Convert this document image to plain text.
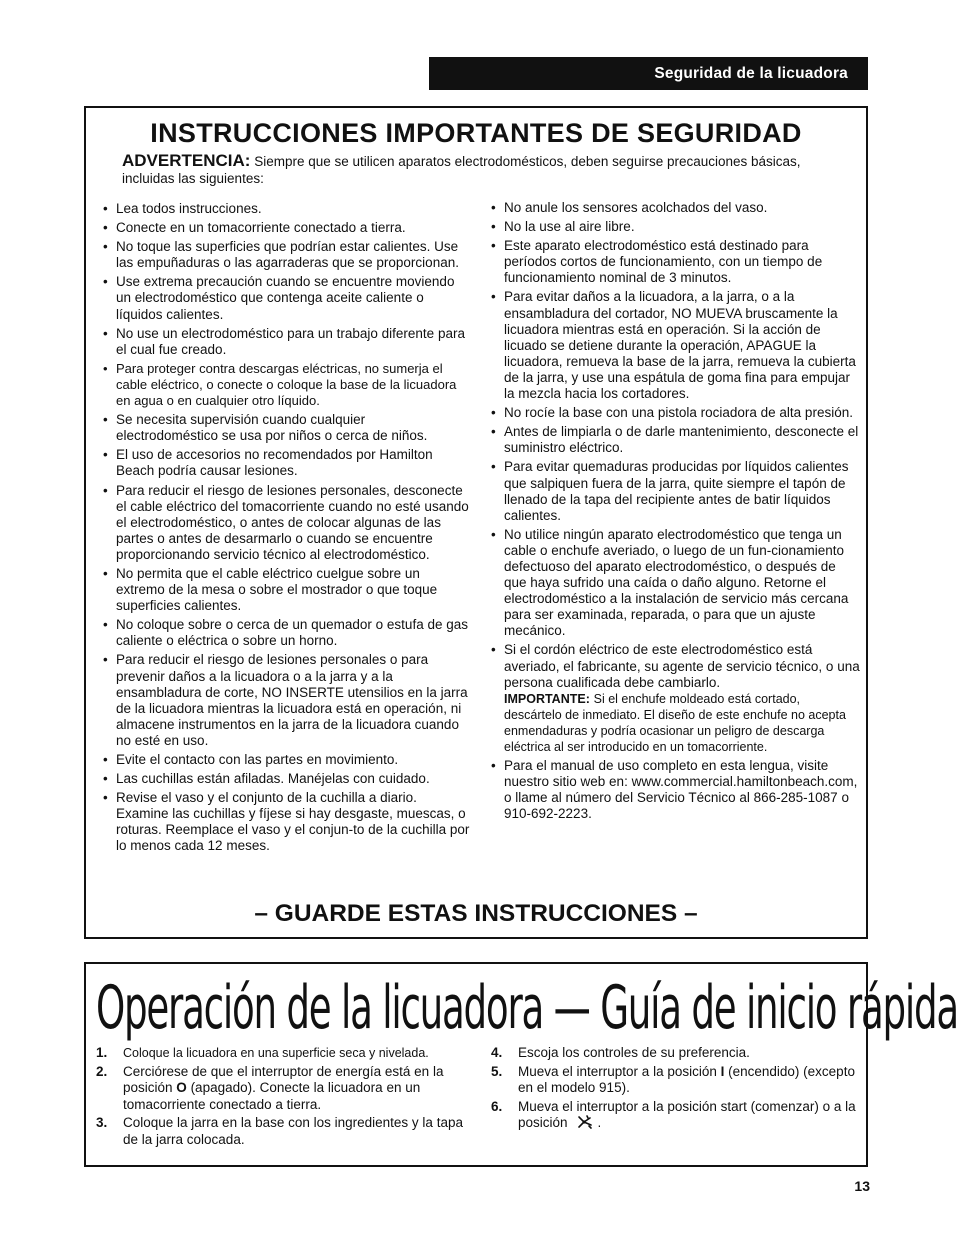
Seguridad de la licuadora
INSTRUCCIONES IMPORTANTES DE SEGURIDAD
ADVERTENCIA: Siempre que se utilicen aparatos electrodomésticos, deben seguirse precauciones básicas, incluidas las siguientes:
• Lea todos instrucciones.
• Conecte en un tomacorriente conectado a tierra.
• No toque las superficies que podrían estar calientes. Use las empuñaduras o las agarraderas que se proporcionan.
• Use extrema precaución cuando se encuentre moviendo un electrodoméstico que contenga aceite caliente o líquidos calientes.
• No use un electrodoméstico para un trabajo diferente para el cual fue creado.
• Para proteger contra descargas eléctricas, no sumerja el cable eléctrico, o conecte o coloque la base de la licuadora en agua o en cualquier otro líquido.
• Se necesita supervisión cuando cualquier electrodoméstico se usa por niños o cerca de niños.
• El uso de accesorios no recomendados por Hamilton Beach podría causar lesiones.
• Para reducir el riesgo de lesiones personales, desconecte el cable eléctrico del tomacorriente cuando no esté usando el electrodoméstico, o antes de colocar algunas de las partes o antes de desarmarlo o cuando se encuentre proporcionando servicio técnico al electrodoméstico.
• No permita que el cable eléctrico cuelgue sobre un extremo de la mesa o sobre el mostrador o que toque superficies calientes.
• No coloque sobre o cerca de un quemador o estufa de gas caliente o eléctrica o sobre un horno.
• Para reducir el riesgo de lesiones personales o para prevenir daños a la licuadora o a la jarra y a la ensambladura de corte, NO INSERTE utensilios en la jarra de la licuadora mientras la licuadora está en operación, ni almacene instrumentos en la jarra de la licuadora cuando no esté en uso.
• Evite el contacto con las partes en movimiento.
• Las cuchillas están afiladas. Manéjelas con cuidado.
• Revise el vaso y el conjunto de la cuchilla a diario. Examine las cuchillas y fíjese si hay desgaste, muescas, o roturas. Reemplace el vaso y el conjun-to de la cuchilla por lo menos cada 12 meses.
• No anule los sensores acolchados del vaso.
• No la use al aire libre.
• Este aparato electrodoméstico está destinado para períodos cortos de funcionamiento, con un tiempo de funcionamiento nominal de 3 minutos.
• Para evitar daños a la licuadora, a la jarra, o a la ensambladura del cortador, NO MUEVA bruscamente la licuadora mientras está en operación. Si la acción de licuado se detiene durante la operación, APAGUE la licuadora, remueva la base de la jarra, remueva la cubierta de la jarra, y use una espátula de goma fina para empujar la mezcla hacia los cortadores.
• No rocíe la base con una pistola rociadora de alta presión.
• Antes de limpiarla o de darle mantenimiento, desconecte el suministro eléctrico.
• Para evitar quemaduras producidas por líquidos calientes que salpiquen fuera de la jarra, quite siempre el tapón de llenado de la tapa del recipiente antes de batir líquidos calientes.
• No utilice ningún aparato electrodoméstico que tenga un cable o enchufe averiado, o luego de un fun-cionamiento defectuoso del aparato electrodoméstico, o después de que haya sufrido una caída o daño alguno. Retorne el electrodoméstico a la instalación de servicio más cercana para ser examinada, reparada, o para que un ajuste mecánico.
• Si el cordón eléctrico de este electrodoméstico está averiado, el fabricante, su agente de servicio técnico, o una persona cualificada debe cambiarlo.
IMPORTANTE: Si el enchufe moldeado está cortado, descártelo de inmediato. El diseño de este enchufe no acepta enmendaduras y podría ocasionar un peligro de descarga eléctrica al ser introducido en un tomacorriente.
• Para el manual de uso completo en esta lengua, visite nuestro sitio web en: www.commercial.hamiltonbeach.com, o llame al número del Servicio Técnico al 866-285-1087 o 910-692-2223.
– GUARDE ESTAS INSTRUCCIONES –
Operación de la licuadora — Guía de inicio rápida
1. Coloque la licuadora en una superficie seca y nivelada.
2. Cerciórese de que el interruptor de energía está en la posición O (apagado). Conecte la licuadora en un tomacorriente conectado a tierra.
3. Coloque la jarra en la base con los ingredientes y la tapa de la jarra colocada.
4. Escoja los controles de su preferencia.
5. Mueva el interruptor a la posición I (encendido) (excepto en el modelo 915).
6. Mueva el interruptor a la posición start (comenzar) o a la posición .
13
